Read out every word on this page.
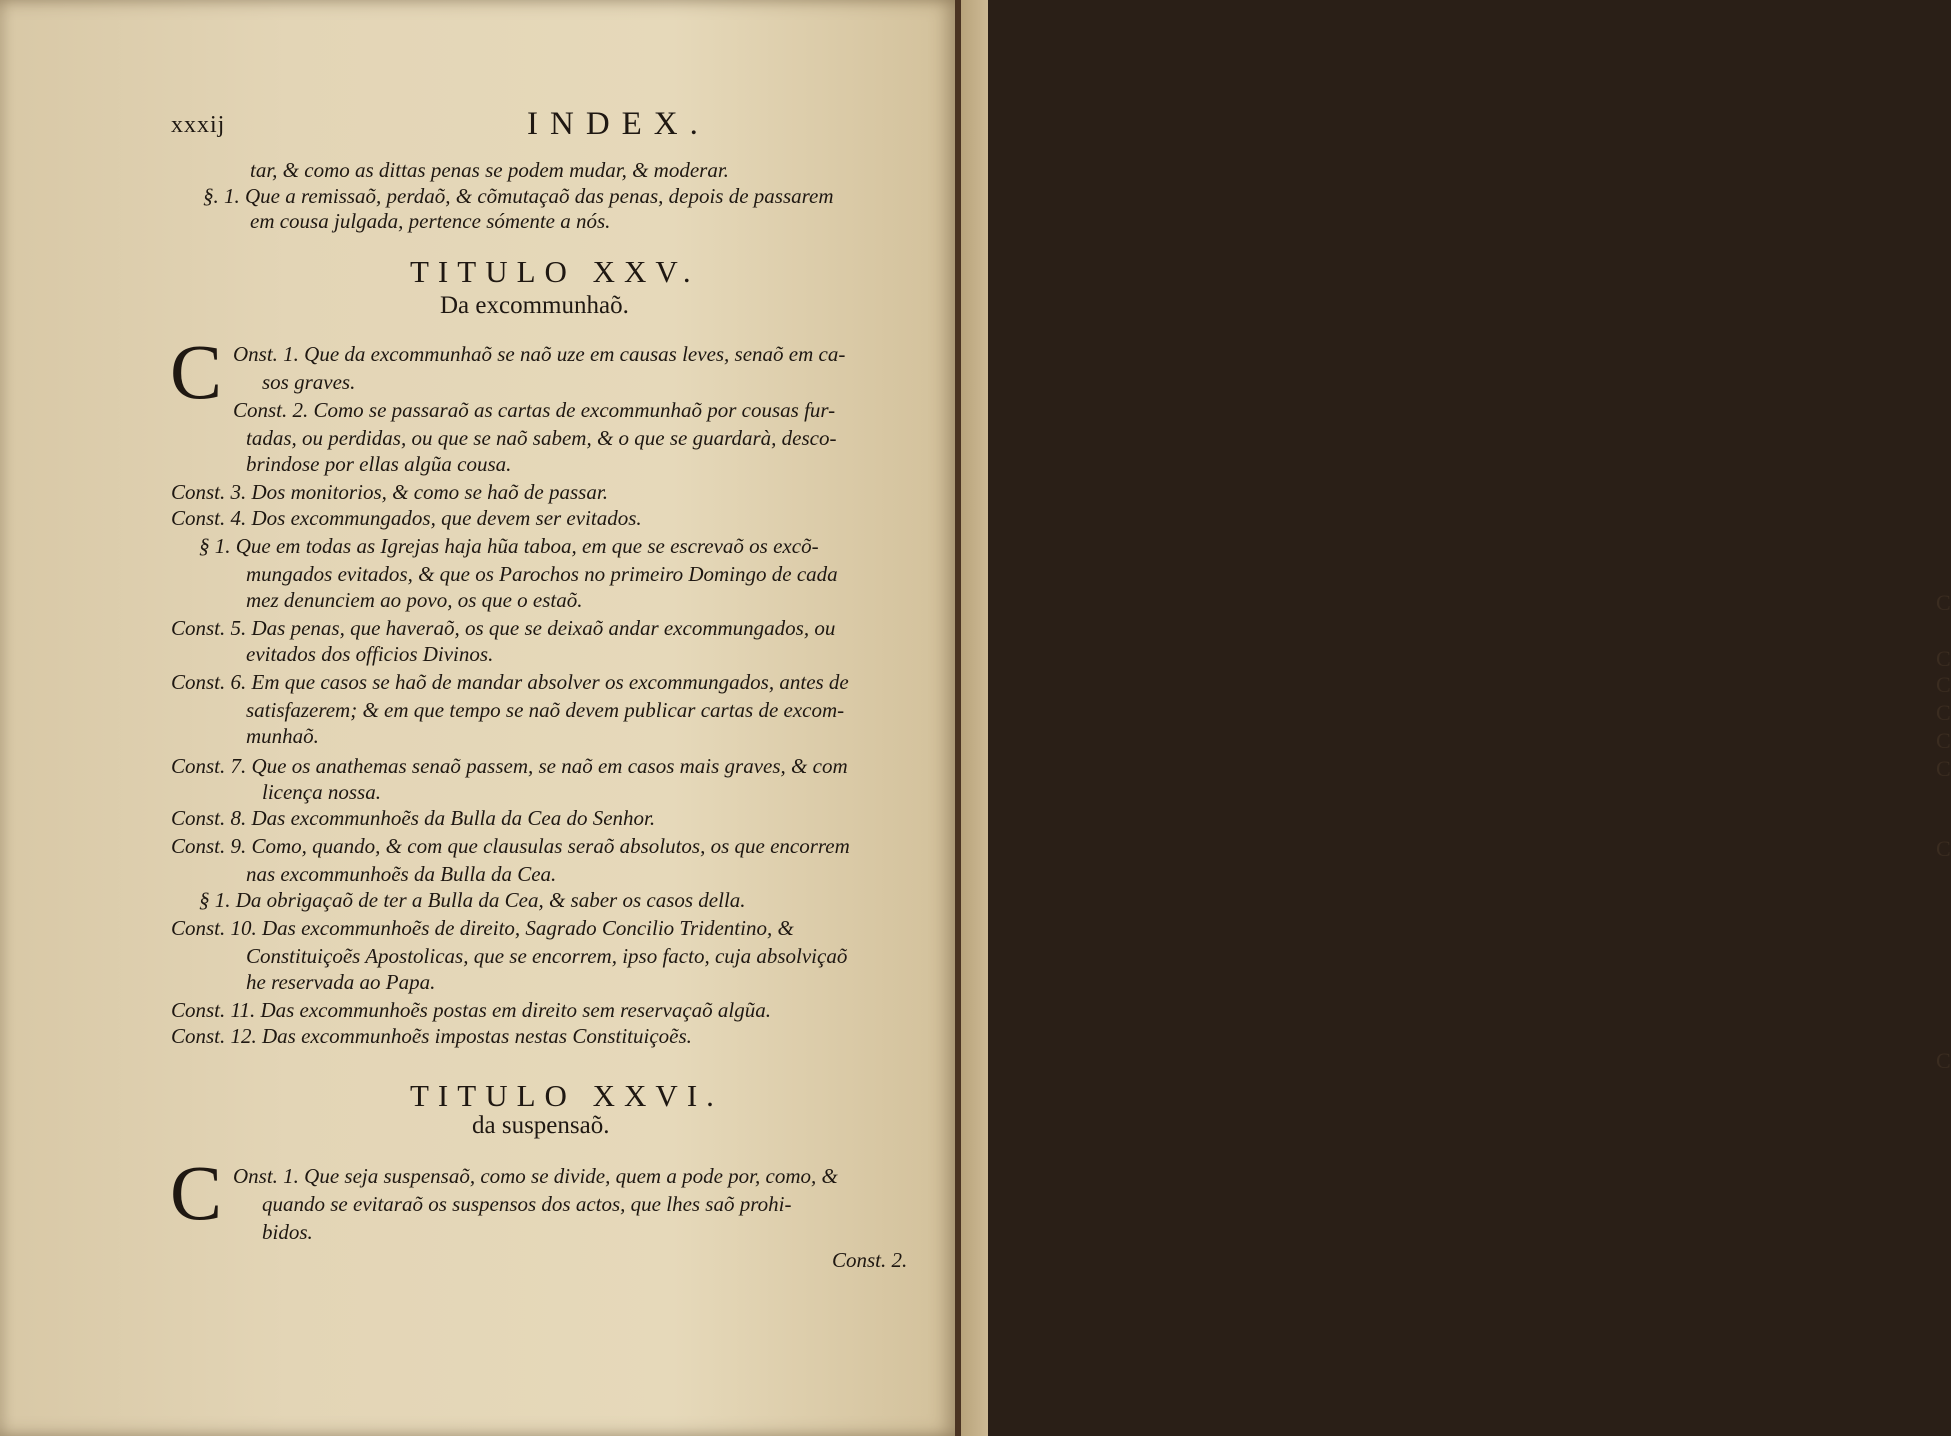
xxxij	INDEX.
tar, & como as dittas penas se podem mudar, & moderar.
§. 1. Que a remissaõ, perdaõ, & cõmutaçaõ das penas, depois de passarem
em cousa julgada, pertence sómente a nós.
TITULO XXV.
Da excommunhaõ.
C Onst. 1. Que da excommunhaõ se naõ uze em causas leves, senaõ em ca-
sos graves.
Const. 2. Como se passaraõ as cartas de excommunhaõ por cousas fur-
tadas, ou perdidas, ou que se naõ sabem, & o que se guardarà, desco-
brindose por ellas algũa cousa.
Const. 3. Dos monitorios, & como se haõ de passar.
Const. 4. Dos excommungados, que devem ser evitados.
§ 1. Que em todas as Igrejas haja hũa taboa, em que se escrevaõ os excõ-
mungados evitados, & que os Parochos no primeiro Domingo de cada
mez denunciem ao povo, os que o estaõ.
Const. 5. Das penas, que haveraõ, os que se deixaõ andar excommungados, ou
evitados dos officios Divinos.
Const. 6. Em que casos se haõ de mandar absolver os excommungados, antes de
satisfazerem; & em que tempo se naõ devem publicar cartas de excom-
munhaõ.
Const. 7. Que os anathemas senaõ passem, se naõ em casos mais graves, & com
licença nossa.
Const. 8. Das excommunhoẽs da Bulla da Cea do Senhor.
Const. 9. Como, quando, & com que clausulas seraõ absolutos, os que encorrem
nas excommunhoẽs da Bulla da Cea.
§ 1. Da obrigaçaõ de ter a Bulla da Cea, & saber os casos della.
Const. 10. Das excommunhoẽs de direito, Sagrado Concilio Tridentino, &
Constituiçoẽs Apostolicas, que se encorrem, ipso facto, cuja absolviçaõ
he reservada ao Papa.
Const. 11. Das excommunhoẽs postas em direito sem reservaçaõ algũa.
Const. 12. Das excommunhoẽs impostas nestas Constituiçoẽs.
TITULO XXVI.
da suspensaõ.
C Onst. 1. Que seja suspensaõ, como se divide, quem a pode por, como, &
quando se evitaraõ os suspensos dos actos, que lhes saõ prohi-
bidos.
Const. 2.
C
C
C
C
C
C
C
C
